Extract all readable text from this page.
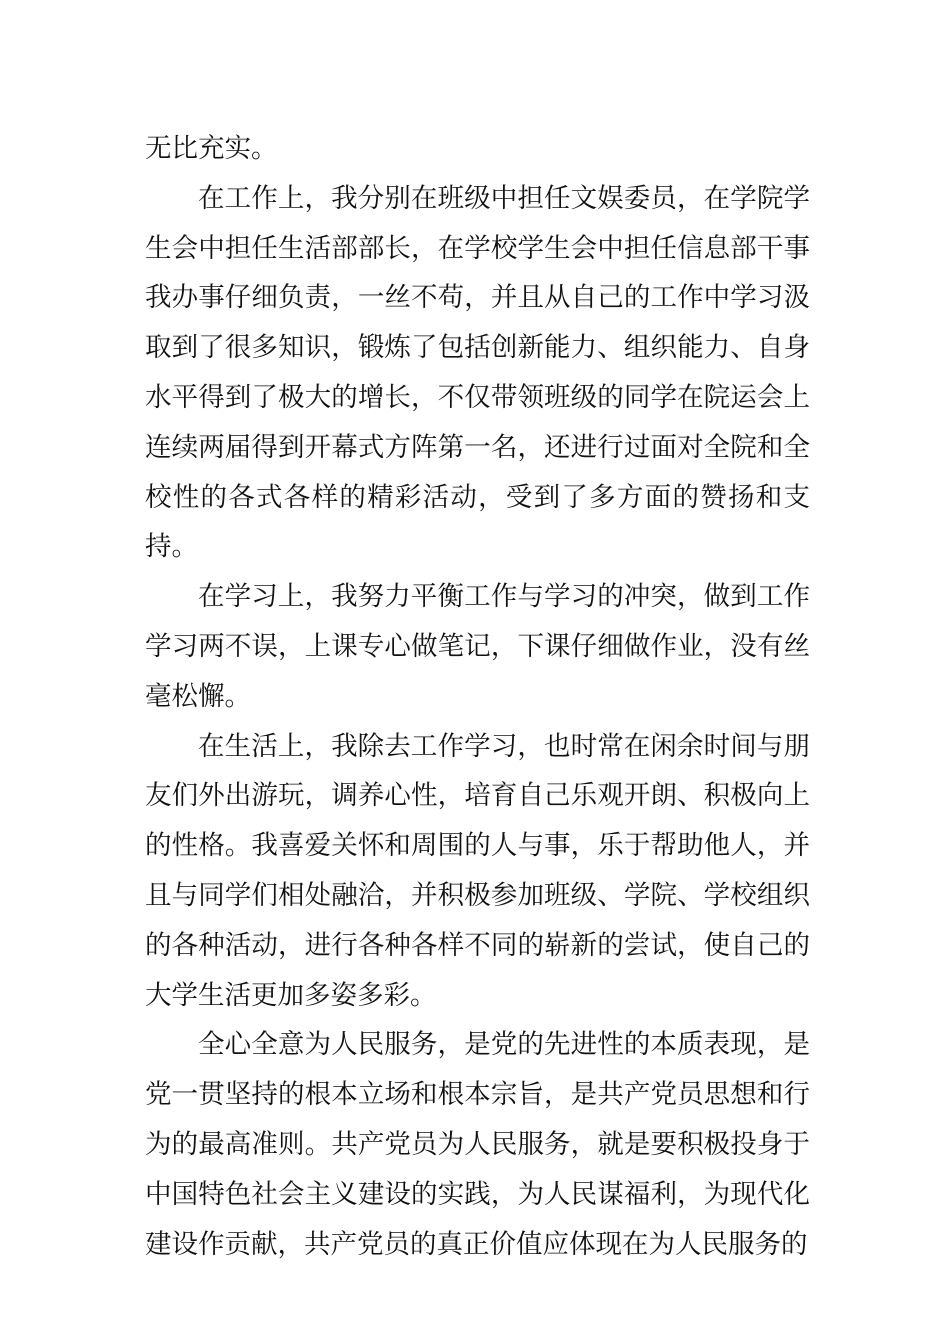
无比充实。

在工作上，我分别在班级中担任文娱委员，在学院学生会中担任生活部部长，在学校学生会中担任信息部干事我办事仔细负责，一丝不苟，并且从自己的工作中学习汲取到了很多知识，锻炼了包括创新能力、组织能力、自身水平得到了极大的增长，不仅带领班级的同学在院运会上连续两届得到开幕式方阵第一名，还进行过面对全院和全校性的各式各样的精彩活动，受到了多方面的赞扬和支持。

在学习上，我努力平衡工作与学习的冲突，做到工作学习两不误，上课专心做笔记，下课仔细做作业，没有丝毫松懈。

在生活上，我除去工作学习，也时常在闲余时间与朋友们外出游玩，调养心性，培育自己乐观开朗、积极向上的性格。我喜爱关怀和周围的人与事，乐于帮助他人，并且与同学们相处融洽，并积极参加班级、学院、学校组织的各种活动，进行各种各样不同的崭新的尝试，使自己的大学生活更加多姿多彩。

全心全意为人民服务，是党的先进性的本质表现，是党一贯坚持的根本立场和根本宗旨，是共产党员思想和行为的最高准则。共产党员为人民服务，就是要积极投身于中国特色社会主义建设的实践，为人民谋福利，为现代化建设作贡献，共产党员的真正价值应体现在为人民服务的
